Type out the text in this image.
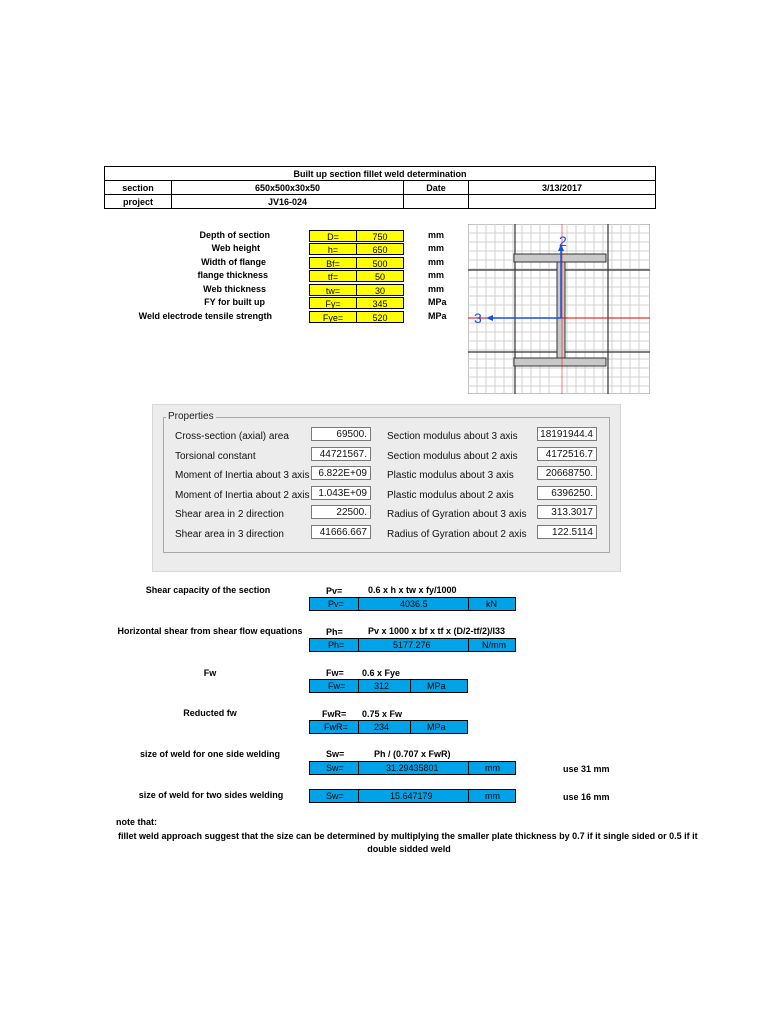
Built up section fillet weld determination			
section	650x500x30x50	Date	3/13/2017
project	JV16-024		
Depth of section	D=	750	mm
Web height	h=	650	mm
Width of flange	Bf=	500	mm
flange thickness	tf=	50	mm
Web thickness	tw=	30	mm
FY for built up	Fy=	345	MPa
Weld electrode tensile strength	Fye=	520	MPa
2
3
Properties
Cross-section (axial) area	69500.
Torsional constant	44721567.
Moment of Inertia about 3 axis 6.822E+09
Moment of Inertia about 2 axis 1.043E+09
Shear area in 2 direction	22500.
Shear area in 3 direction	41666.667
Section modulus about 3 axis	18191944.4
Section modulus about 2 axis	4172516.7
Plastic modulus about 3 axis	20668750.
Plastic modulus about 2 axis	6396250.
Radius of Gyration about 3 axis	313.3017
Radius of Gyration about 2 axis	122.5114
Shear capacity of the section	Pv=	0.6 x h x tw x fy/1000
Pv=	4036.5	kN
Horizontal shear from shear flow equations	Ph=	Pv x 1000 x bf x tf x (D/2-tf/2)/I33
Ph=	5177.276	N/mm
Fw	Fw= 0.6 x Fye
Fw=	312	MPa
Reducted fw	FwR= 0.75 x Fw
FwR=	234	MPa
size of weld for one side welding	Sw=	Ph / (0.707 x FwR)
Sw=	31.29435801	mm	use 31 mm
size of weld for two sides welding	Sw=	15.647179	mm	use 16 mm
note that:
fillet weld approach suggest that the size can be determined by multiplying the smaller plate thickness by 0.7 if it single sided or 0.5 if it
double sidded weld
